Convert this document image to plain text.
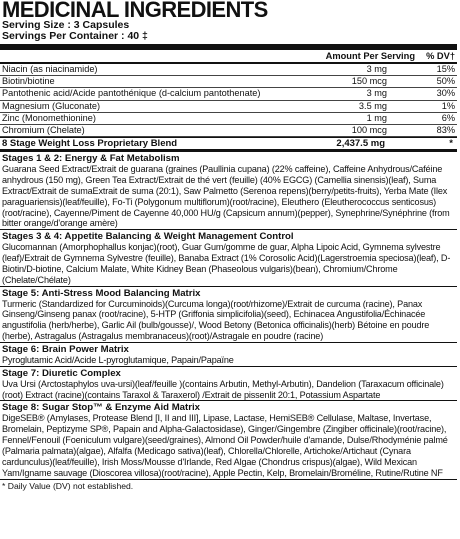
MEDICINAL INGREDIENTS
Serving Size : 3 Capsules
Servings Per Container : 40 ‡
Amount Per Serving	% DV†
Niacin (as niacinamide)	3 mg	15%
Biotin/biotine	150 mcg	50%
Pantothenic acid/Acide pantothénique (d-calcium pantothenate)	3 mg	30%
Magnesium (Gluconate)	3.5 mg	1%
Zinc (Monomethionine)	1 mg	6%
Chromium (Chelate)	100 mcg	83%
8 Stage Weight Loss Proprietary Blend	2,437.5 mg	*
Stages 1 & 2: Energy & Fat Metabolism
Guarana Seed Extract/Extrait de guarana (graines (Paullinia cupana) (22% caffeine), Caffeine Anhydrous/Caféine anhydrous (150 mg), Green Tea Extract/Extrait de thé vert (feuille) (40% EGCG) (Camellia sinensis)(leaf), Suma Extract/Extrait de sumaExtrait de suma (20:1), Saw Palmetto (Serenoa repens)(berry/petits-fruits), Yerba Mate (Ilex paraguariensis)(leaf/feuille), Fo-Ti (Polygonum multiflorum)(root/racine), Eleuthero (Eleutherococcus senticosus)(root/racine), Cayenne/Piment de Cayenne 40,000 HU/g (Capsicum annum)(pepper), Synephrine/Synéphrine (from bitter orange/d'orange amère)
Stages 3 & 4: Appetite Balancing & Weight Management Control
Glucomannan (Amorphophallus konjac)(root), Guar Gum/gomme de guar, Alpha Lipoic Acid, Gymnema sylvestre (leaf)/Extrait de Gymnema Sylvestre (feuille), Banaba Extract (1% Corosolic Acid)(Lagerstroemia speciosa)(leaf), D-Biotin/D-biotine, Calcium Malate, White Kidney Bean (Phaseolous vulgaris)(bean), Chromium/Chrome (Chelate/Chélate)
Stage 5: Anti-Stress Mood Balancing Matrix
Turmeric (Standardized for Curcuminoids)(Curcuma longa)(root/rhizome)/Extrait de curcuma (racine), Panax Ginseng/Ginseng panax (root/racine), 5-HTP (Griffonia simplicifolia)(seed), Echinacea Angustifolia/Échinacée angustifolia (herb/herbe), Garlic Ail (bulb/gousse)/, Wood Betony (Betonica officinalis)(herb) Bétoine en poudre (herbe), Astragalus (Astragalus membranaceus)(root)/Astragale en poudre (racine)
Stage 6: Brain Power Matrix
Pyroglutamic Acid/Acide L-pyroglutamique, Papain/Papaïne
Stage 7: Diuretic Complex
Uva Ursi (Arctostaphylos uva-ursi)(leaf/feuille )(contains Arbutin, Methyl-Arbutin), Dandelion (Taraxacum officinale)(root) Extract (racine)(contains Taraxol & Taraxerol) /Extrait de pissenlit 20:1, Potassium Aspartate
Stage 8: Sugar Stop™ & Enzyme Aid Matrix
DigeSEB® (Amylases, Protease Blend [I, II and III], Lipase, Lactase, HemiSEB® Cellulase, Maltase, Invertase, Bromelain, Peptizyme SP®, Papain and Alpha-Galactosidase), Ginger/Gingembre (Zingiber officinale)(root/racine), Fennel/Fenouil (Foeniculum vulgare)(seed/graines), Almond Oil Powder/huile d'amande, Dulse/Rhodyménie palmé (Palmaria palmata)(algae), Alfalfa (Medicago sativa)(leaf), Chlorella/Chlorelle, Artichoke/Artichaut (Cynara cardunculus)(leaf/feuille), Irish Moss/Mousse d'Irlande, Red Algae (Chondrus crispus)(algae), Wild Mexican Yam/Igname sauvage (Dioscorea villosa)(root/racine), Apple Pectin, Kelp, Bromelain/Broméline, Rutine/Rutine NF
* Daily Value (DV) not established.
